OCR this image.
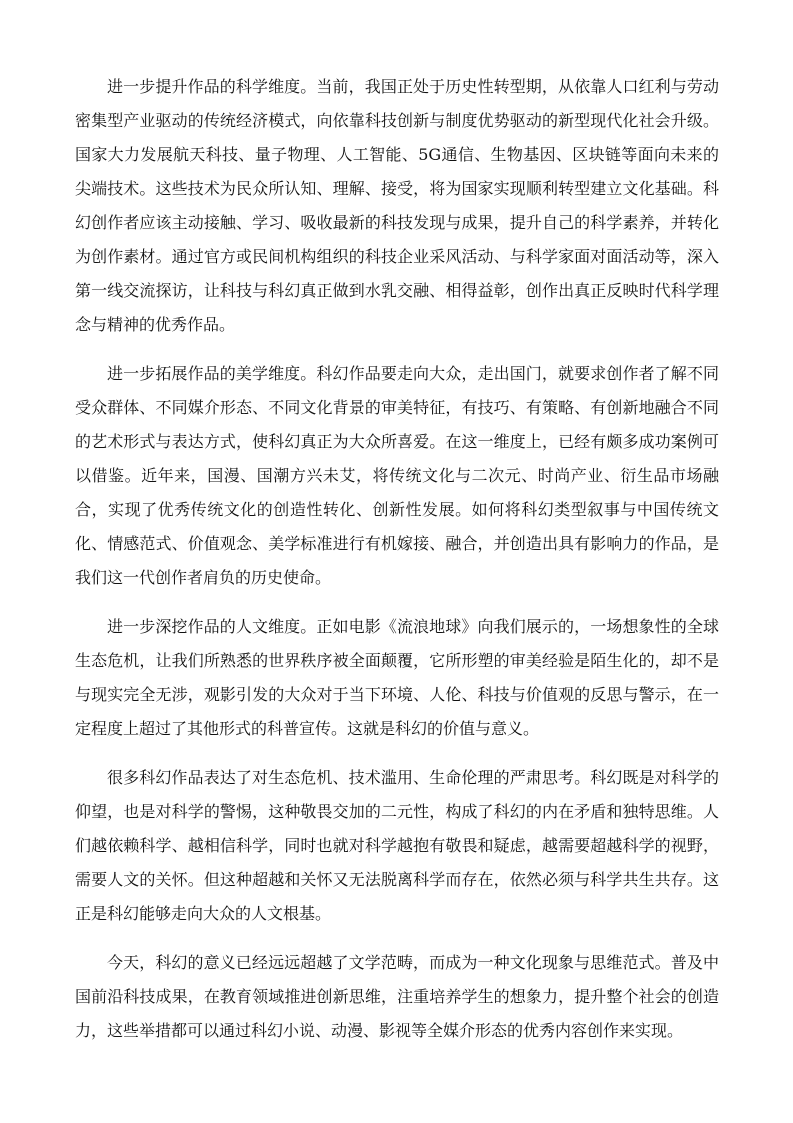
进一步提升作品的科学维度。当前，我国正处于历史性转型期，从依靠人口红利与劳动密集型产业驱动的传统经济模式，向依靠科技创新与制度优势驱动的新型现代化社会升级。国家大力发展航天科技、量子物理、人工智能、5G通信、生物基因、区块链等面向未来的尖端技术。这些技术为民众所认知、理解、接受，将为国家实现顺利转型建立文化基础。科幻创作者应该主动接触、学习、吸收最新的科技发现与成果，提升自己的科学素养，并转化为创作素材。通过官方或民间机构组织的科技企业采风活动、与科学家面对面活动等，深入第一线交流探访，让科技与科幻真正做到水乳交融、相得益彰，创作出真正反映时代科学理念与精神的优秀作品。

进一步拓展作品的美学维度。科幻作品要走向大众，走出国门，就要求创作者了解不同受众群体、不同媒介形态、不同文化背景的审美特征，有技巧、有策略、有创新地融合不同的艺术形式与表达方式，使科幻真正为大众所喜爱。在这一维度上，已经有颇多成功案例可以借鉴。近年来，国漫、国潮方兴未艾，将传统文化与二次元、时尚产业、衍生品市场融合，实现了优秀传统文化的创造性转化、创新性发展。如何将科幻类型叙事与中国传统文化、情感范式、价值观念、美学标准进行有机嫁接、融合，并创造出具有影响力的作品，是我们这一代创作者肩负的历史使命。

进一步深挖作品的人文维度。正如电影《流浪地球》向我们展示的，一场想象性的全球生态危机，让我们所熟悉的世界秩序被全面颠覆，它所形塑的审美经验是陌生化的，却不是与现实完全无涉，观影引发的大众对于当下环境、人伦、科技与价值观的反思与警示，在一定程度上超过了其他形式的科普宣传。这就是科幻的价值与意义。

很多科幻作品表达了对生态危机、技术滥用、生命伦理的严肃思考。科幻既是对科学的仰望，也是对科学的警惕，这种敬畏交加的二元性，构成了科幻的内在矛盾和独特思维。人们越依赖科学、越相信科学，同时也就对科学越抱有敬畏和疑虑，越需要超越科学的视野，需要人文的关怀。但这种超越和关怀又无法脱离科学而存在，依然必须与科学共生共存。这正是科幻能够走向大众的人文根基。

今天，科幻的意义已经远远超越了文学范畴，而成为一种文化现象与思维范式。普及中国前沿科技成果，在教育领域推进创新思维，注重培养学生的想象力，提升整个社会的创造力，这些举措都可以通过科幻小说、动漫、影视等全媒介形态的优秀内容创作来实现。
